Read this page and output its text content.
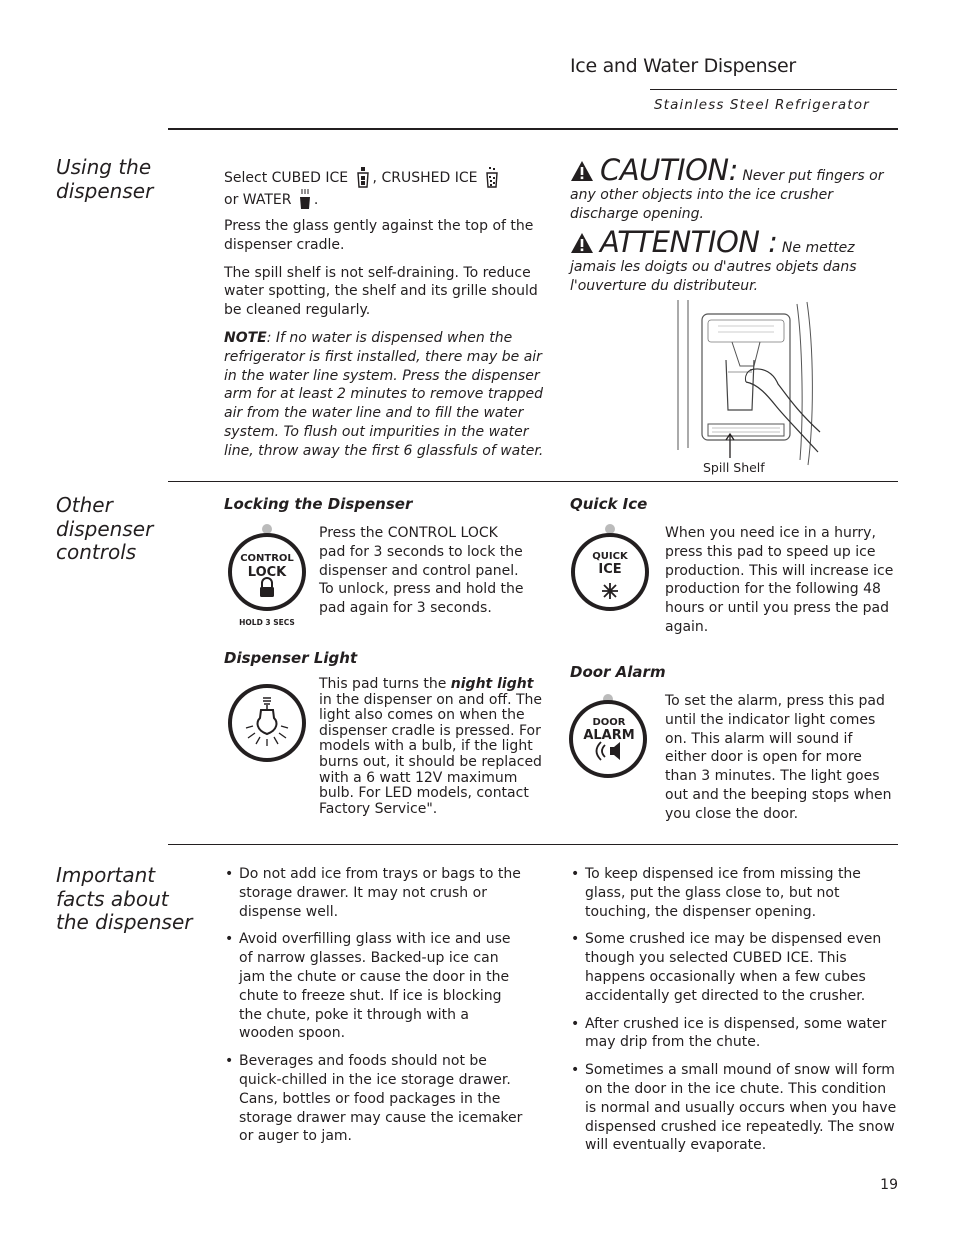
Ice and Water Dispenser
Stainless Steel Refrigerator
Using the dispenser

Select CUBED ICE , CRUSHED ICE
or WATER .

Press the glass gently against the top of the dispenser cradle.

The spill shelf is not self-draining. To reduce water spotting, the shelf and its grille should be cleaned regularly.

NOTE: If no water is dispensed when the refrigerator is first installed, there may be air in the water line system. Press the dispenser arm for at least 2 minutes to remove trapped air from the water line and to fill the water system. To flush out impurities in the water line, throw away the first 6 glassfuls of water.

CAUTION: Never put fingers or any other objects into the ice crusher discharge opening.
ATTENTION : Ne mettez jamais les doigts ou d'autres objets dans l'ouverture du distributeur.
Spill Shelf
Other dispenser controls
Locking the Dispenser
CONTROL
LOCK
HOLD 3 SECS
Press the CONTROL LOCK pad for 3 seconds to lock the dispenser and control panel. To unlock, press and hold the pad again for 3 seconds.
Quick Ice
QUICK
ICE
When you need ice in a hurry, press this pad to speed up ice production. This will increase ice production for the following 48 hours or until you press the pad again.
Dispenser Light
This pad turns the night light in the dispenser on and off. The light also comes on when the dispenser cradle is pressed. For models with a bulb, if the light burns out, it should be replaced with a 6 watt 12V maximum bulb. For LED models, contact Factory Service".
Door Alarm
DOOR
ALARM
To set the alarm, press this pad until the indicator light comes on. This alarm will sound if either door is open for more than 3 minutes. The light goes out and the beeping stops when you close the door.
Important facts about the dispenser
• Do not add ice from trays or bags to the storage drawer. It may not crush or dispense well.
• Avoid overfilling glass with ice and use of narrow glasses. Backed-up ice can jam the chute or cause the door in the chute to freeze shut. If ice is blocking the chute, poke it through with a wooden spoon.
• Beverages and foods should not be quick-chilled in the ice storage drawer. Cans, bottles or food packages in the storage drawer may cause the icemaker or auger to jam.
• To keep dispensed ice from missing the glass, put the glass close to, but not touching, the dispenser opening.
• Some crushed ice may be dispensed even though you selected CUBED ICE. This happens occasionally when a few cubes accidentally get directed to the crusher.
• After crushed ice is dispensed, some water may drip from the chute.
• Sometimes a small mound of snow will form on the door in the ice chute. This condition is normal and usually occurs when you have dispensed crushed ice repeatedly. The snow will eventually evaporate.
19
